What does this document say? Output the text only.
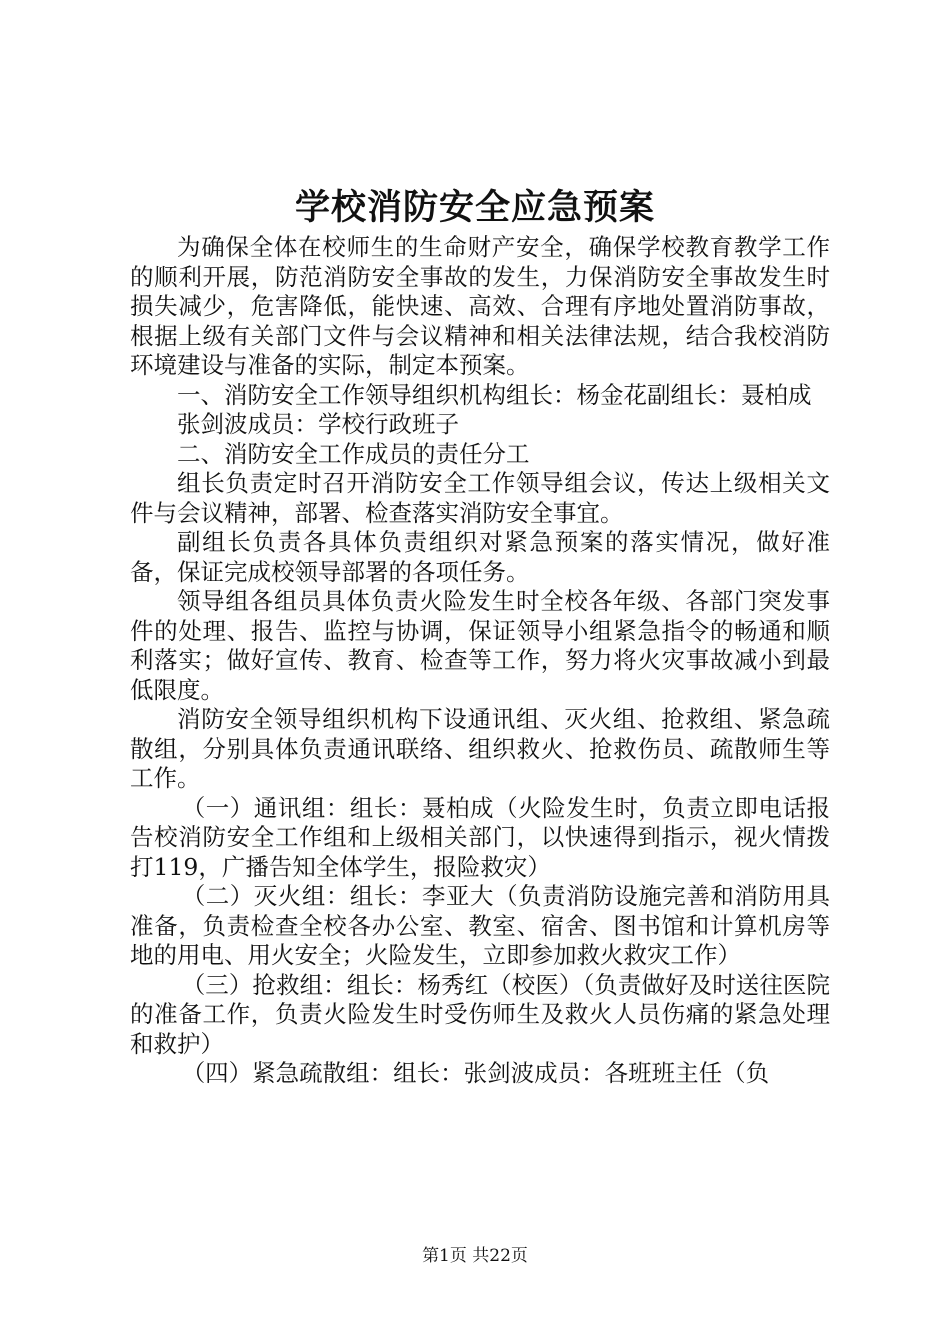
学校消防安全应急预案

为确保全体在校师生的生命财产安全，确保学校教育教学工作的顺利开展，防范消防安全事故的发生，力保消防安全事故发生时损失减少，危害降低，能快速、高效、合理有序地处置消防事故，根据上级有关部门文件与会议精神和相关法律法规，结合我校消防环境建设与准备的实际，制定本预案。

一、消防安全工作领导组织机构组长：杨金花副组长：聂柏成

张剑波成员：学校行政班子

二、消防安全工作成员的责任分工

组长负责定时召开消防安全工作领导组会议，传达上级相关文件与会议精神，部署、检查落实消防安全事宜。

副组长负责各具体负责组织对紧急预案的落实情况，做好准备，保证完成校领导部署的各项任务。

领导组各组员具体负责火险发生时全校各年级、各部门突发事件的处理、报告、监控与协调，保证领导小组紧急指令的畅通和顺利落实；做好宣传、教育、检查等工作，努力将火灾事故减小到最低限度。

消防安全领导组织机构下设通讯组、灭火组、抢救组、紧急疏散组，分别具体负责通讯联络、组织救火、抢救伤员、疏散师生等工作。

（一）通讯组：组长：聂柏成（火险发生时，负责立即电话报告校消防安全工作组和上级相关部门，以快速得到指示，视火情拨打119，广播告知全体学生，报险救灾）

（二）灭火组：组长：李亚大（负责消防设施完善和消防用具准备，负责检查全校各办公室、教室、宿舍、图书馆和计算机房等地的用电、用火安全；火险发生，立即参加救火救灾工作）

（三）抢救组：组长：杨秀红（校医）（负责做好及时送往医院的准备工作，负责火险发生时受伤师生及救火人员伤痛的紧急处理和救护）

（四）紧急疏散组：组长：张剑波成员：各班班主任（负

第1页 共22页
